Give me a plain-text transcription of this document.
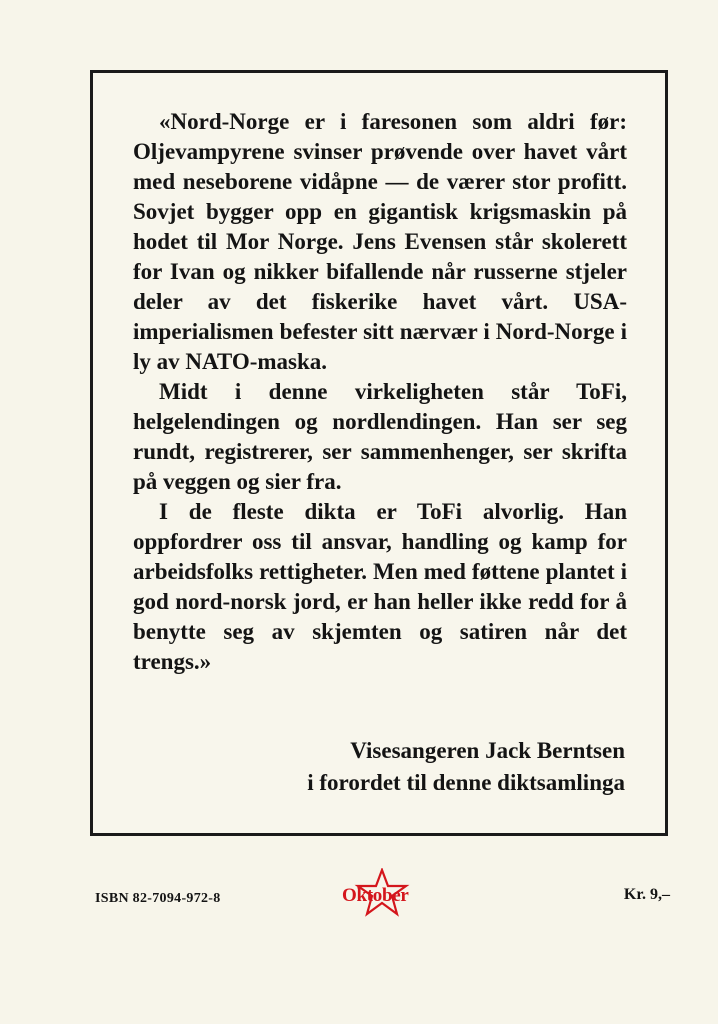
«Nord-Norge er i faresonen som aldri før: Oljevampyrene svinser prøvende over havet vårt med neseborene vidåpne — de værer stor profitt. Sovjet bygger opp en gigantisk krigsmaskin på hodet til Mor Norge. Jens Evensen står skolerett for Ivan og nikker bifallende når russerne stjeler deler av det fiskerike havet vårt. USA-imperialismen befester sitt nærvær i Nord-Norge i ly av NATO-maska.

Midt i denne virkeligheten står ToFi, helgelendingen og nordlendingen. Han ser seg rundt, registrerer, ser sammenhenger, ser skrifta på veggen og sier fra.

I de fleste dikta er ToFi alvorlig. Han oppfordrer oss til ansvar, handling og kamp for arbeidsfolks rettigheter. Men med føttene plantet i god nord-norsk jord, er han heller ikke redd for å benytte seg av skjemten og satiren når det trengs.»

Visesangeren Jack Berntsen
i forordet til denne diktsamlinga
ISBN 82-7094-972-8	Oktober	Kr. 9,–
